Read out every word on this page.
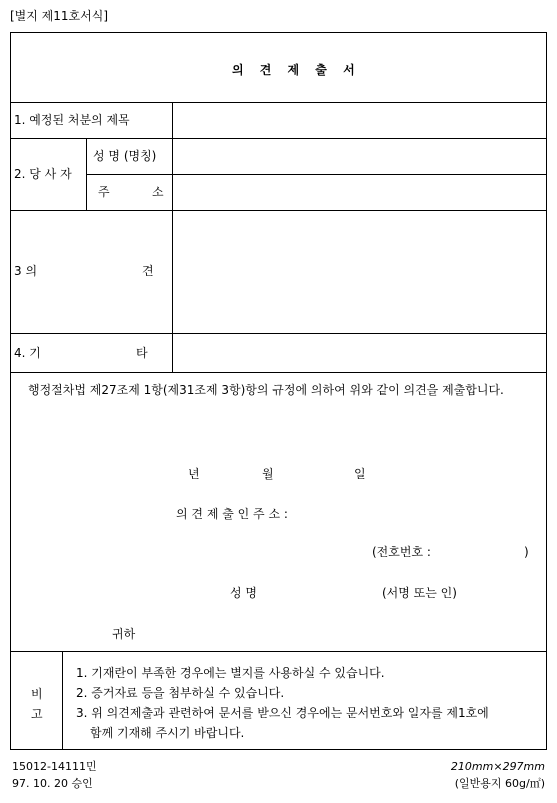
[별지 제11호서식]
의 견 제 출 서
1. 예정된 처분의 제목
2. 당 사 자
성 명 (명칭)
주	소
3 의	견
4. 기	타
행정절차법 제27조제 1항(제31조제 3항)항의 규정에 의하여 위와 같이 의견을 제출합니다.
년	월	일
의 견 제 출 인 주 소 :
(전호번호 :	)
성 명	(서명 또는 인)
귀하
비
고
1. 기재란이 부족한 경우에는 별지를 사용하실 수 있습니다.
2. 증거자료 등을 첨부하실 수 있습니다.
3. 위 의견제출과 관련하여 문서를 받으신 경우에는 문서번호와 일자를 제1호에
함께 기재해 주시기 바랍니다.
15012-14111민
97. 10. 20 승인
210mm×297mm
(일반용지 60g/㎡)
